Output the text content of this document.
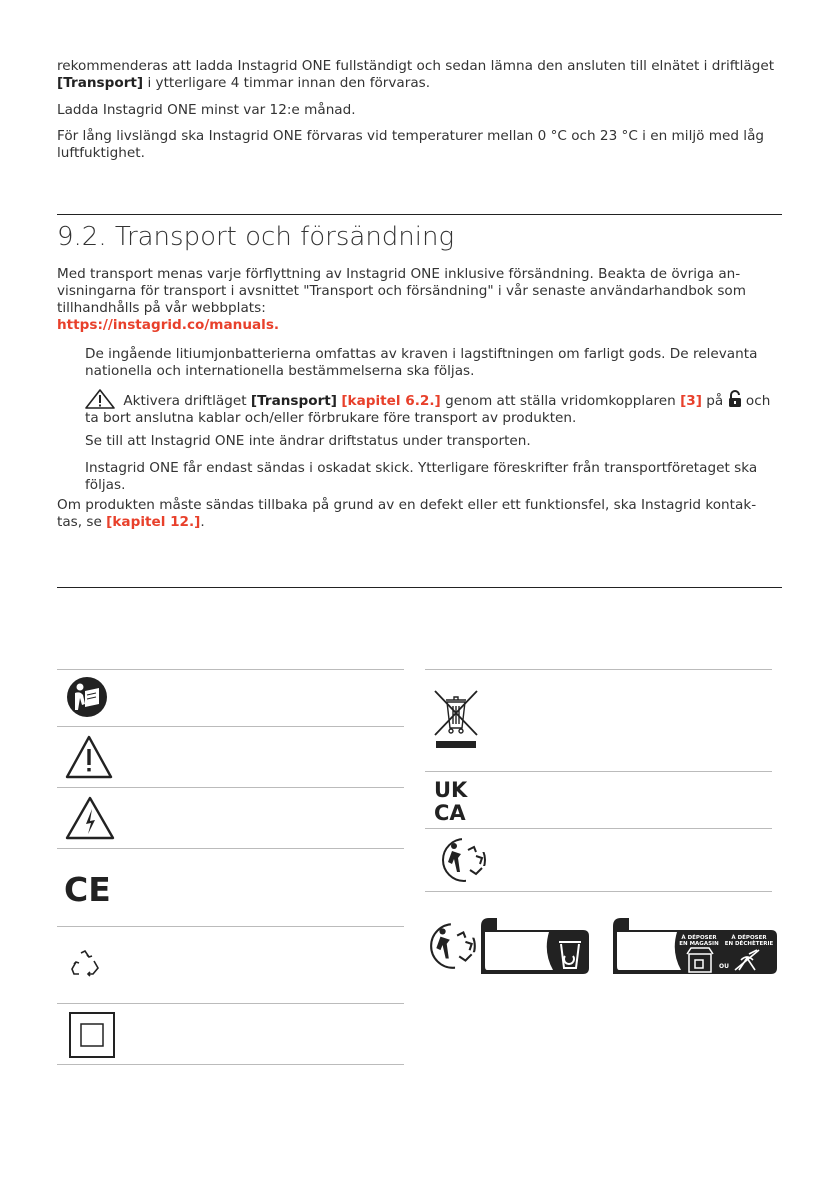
rekommenderas att ladda Instagrid ONE fullständigt och sedan lämna den ansluten till elnätet i driftläget [Transport] i ytterligare 4 timmar innan den förvaras.

Ladda Instagrid ONE minst var 12:e månad.

För lång livslängd ska Instagrid ONE förvaras vid temperaturer mellan 0 °C och 23 °C i en miljö med låg luftfuktighet.

9.2. Transport och försändning

Med transport menas varje förflyttning av Instagrid ONE inklusive försändning. Beakta de övriga an-visningarna för transport i avsnittet "Transport och försändning" i vår senaste användarhandbok som tillhandhålls på vår webbplats:
https://instagrid.co/manuals.

De ingående litiumjonbatterierna omfattas av kraven i lagstiftningen om farligt gods. De relevanta nationella och internationella bestämmelserna ska följas.

Aktivera driftläget [Transport] [kapitel 6.2.] genom att ställa vridomkopplaren [3] på och ta bort anslutna kablar och/eller förbrukare före transport av produkten.

Se till att Instagrid ONE inte ändrar driftstatus under transporten.

Instagrid ONE får endast sändas i oskadat skick. Ytterligare föreskrifter från transportföretaget ska följas.

Om produkten måste sändas tillbaka på grund av en defekt eller ett funktionsfel, ska Instagrid kontak-tas, se [kapitel 12.].

CE
UK
CA
À DÉPOSER
EN MAGASIN
À DÉPOSER
EN DÉCHÈTERIE
OU
